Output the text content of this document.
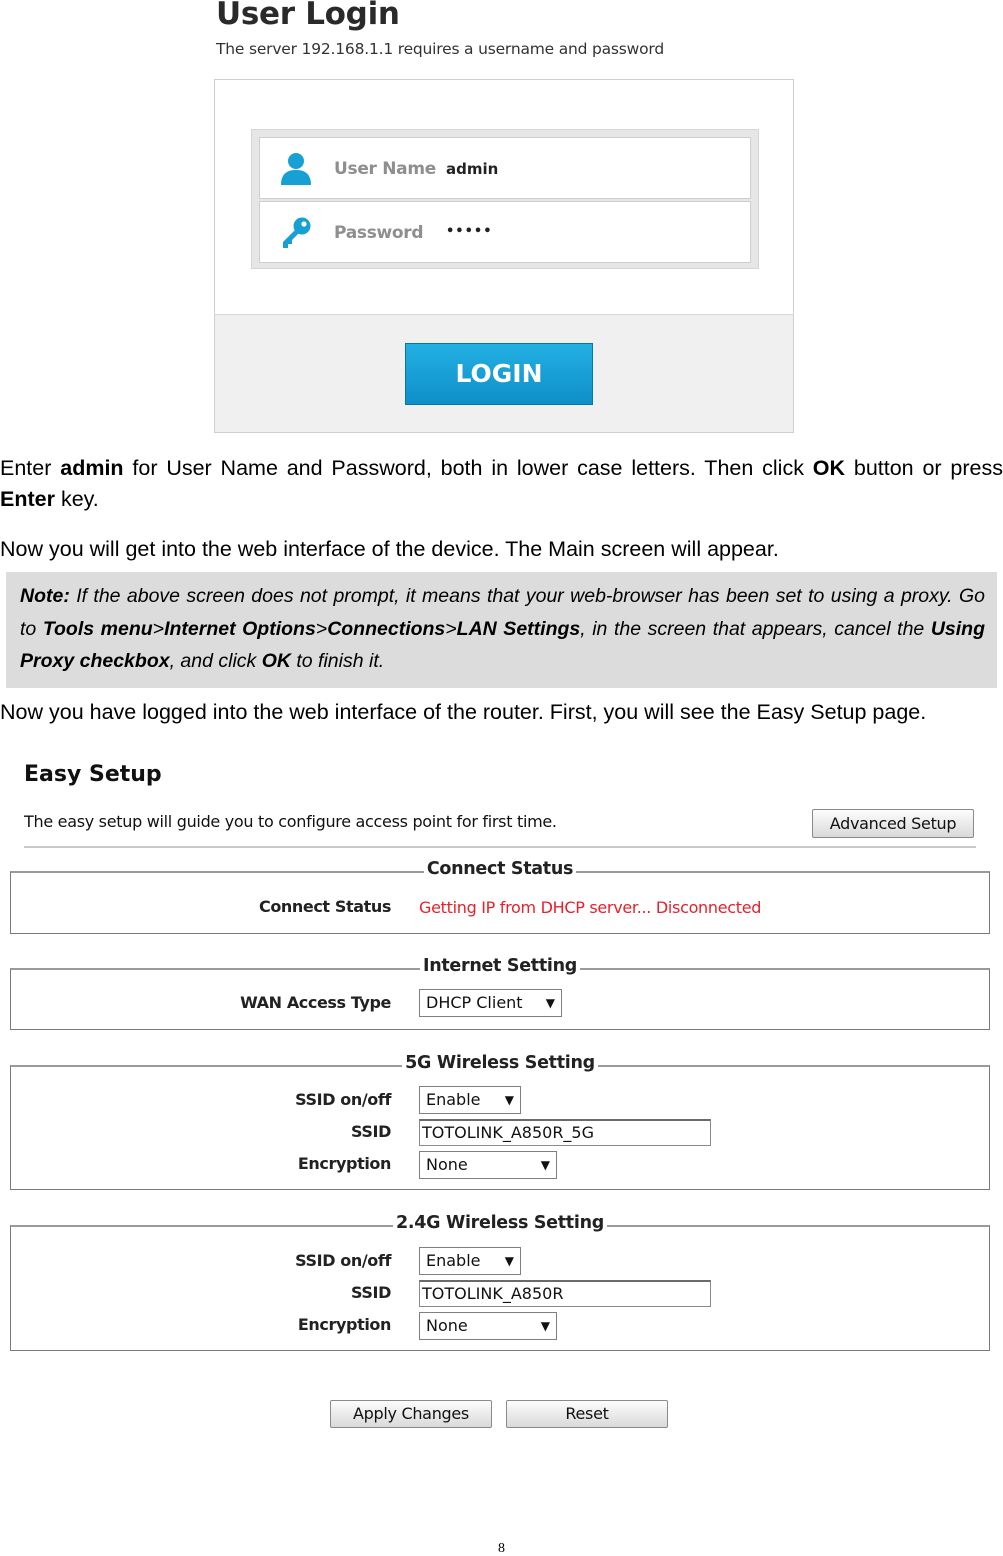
User Login
The server 192.168.1.1 requires a username and password
User Name admin
Password •••••
LOGIN
Enter admin for User Name and Password, both in lower case letters. Then click OK button or press Enter key.
Now you will get into the web interface of the device. The Main screen will appear.
Note: If the above screen does not prompt, it means that your web-browser has been set to using a proxy. Go to Tools menu>Internet Options>Connections>LAN Settings, in the screen that appears, cancel the Using Proxy checkbox, and click OK to finish it.
Now you have logged into the web interface of the router. First, you will see the Easy Setup page.
Easy Setup
The easy setup will guide you to configure access point for first time.	Advanced Setup
Connect Status
Connect Status Getting IP from DHCP server... Disconnected
Internet Setting
WAN Access Type	DHCP Client ▼
5G Wireless Setting
SSID on/off	Enable ▼
SSID TOTOLINK_A850R_5G
Encryption	None	▼
2.4G Wireless Setting
SSID on/off	Enable ▼
SSID TOTOLINK_A850R
Encryption	None	▼
Apply Changes	Reset
8
